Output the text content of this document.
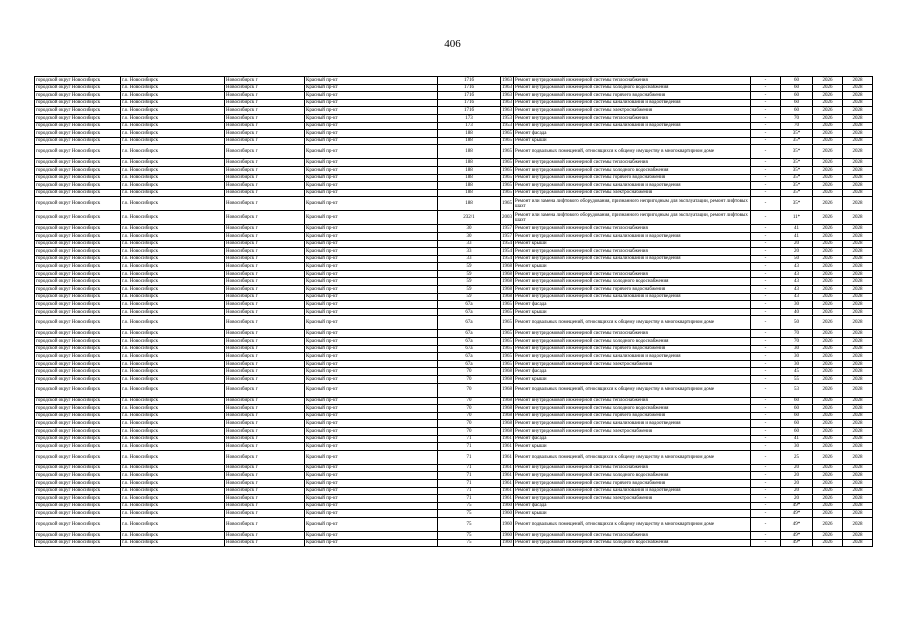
406
городской округ Новосибирск	г.о. Новосибирск	Новосибирск г	Красный пр-кт	171б	1963	Ремонт внутридомовой инженерной системы теплоснабжения	-	60	2026	2028
городской округ Новосибирск	г.о. Новосибирск	Новосибирск г	Красный пр-кт	171б	1963	Ремонт внутридомовой инженерной системы холодного водоснабжения	-	60	2026	2028
городской округ Новосибирск	г.о. Новосибирск	Новосибирск г	Красный пр-кт	171б	1963	Ремонт внутридомовой инженерной системы горячего водоснабжения	-	60	2026	2028
городской округ Новосибирск	г.о. Новосибирск	Новосибирск г	Красный пр-кт	171б	1963	Ремонт внутридомовой инженерной системы канализования и водоотведения	-	60	2026	2028
городской округ Новосибирск	г.о. Новосибирск	Новосибирск г	Красный пр-кт	171б	1963	Ремонт внутридомовой инженерной системы электроснабжения	-	60	2026	2028
городской округ Новосибирск	г.о. Новосибирск	Новосибирск г	Красный пр-кт	173	1953	Ремонт внутридомовой инженерной системы теплоснабжения	-	70	2026	2028
городской округ Новосибирск	г.о. Новосибирск	Новосибирск г	Красный пр-кт	173	1953	Ремонт внутридомовой инженерной системы канализования и водоотведения	-	70	2026	2028
городской округ Новосибирск	г.о. Новосибирск	Новосибирск г	Красный пр-кт	188	1965	Ремонт фасада	-	35*	2026	2028
городской округ Новосибирск	г.о. Новосибирск	Новосибирск г	Красный пр-кт	188	1965	Ремонт крыши	-	35*	2026	2028
городской округ Новосибирск	г.о. Новосибирск	Новосибирск г	Красный пр-кт	188	1965	Ремонт подвальных помещений, относящихся к общему имуществу в многоквартирном доме	-	35*	2026	2028
городской округ Новосибирск	г.о. Новосибирск	Новосибирск г	Красный пр-кт	188	1965	Ремонт внутридомовой инженерной системы теплоснабжения	-	35*	2026	2028
городской округ Новосибирск	г.о. Новосибирск	Новосибирск г	Красный пр-кт	188	1965	Ремонт внутридомовой инженерной системы холодного водоснабжения	-	35*	2026	2028
городской округ Новосибирск	г.о. Новосибирск	Новосибирск г	Красный пр-кт	188	1965	Ремонт внутридомовой инженерной системы горячего водоснабжения	-	35*	2026	2028
городской округ Новосибирск	г.о. Новосибирск	Новосибирск г	Красный пр-кт	188	1965	Ремонт внутридомовой инженерной системы канализования и водоотведения	-	35*	2026	2028
городской округ Новосибирск	г.о. Новосибирск	Новосибирск г	Красный пр-кт	188	1965	Ремонт внутридомовой инженерной системы электроснабжения	-	35*	2026	2028
городской округ Новосибирск	г.о. Новосибирск	Новосибирск г	Красный пр-кт	188	1965	Ремонт или замена лифтового оборудования, признанного непригодным для эксплуатации, ремонт лифтовых шахт	-	35*	2026	2028
городской округ Новосибирск	г.о. Новосибирск	Новосибирск г	Красный пр-кт	232/1	2003	Ремонт или замена лифтового оборудования, признанного непригодным для эксплуатации, ремонт лифтовых шахт	-	11*	2026	2028
городской округ Новосибирск	г.о. Новосибирск	Новосибирск г	Красный пр-кт	30	1957	Ремонт внутридомовой инженерной системы теплоснабжения	-	41	2026	2028
городской округ Новосибирск	г.о. Новосибирск	Новосибирск г	Красный пр-кт	30	1957	Ремонт внутридомовой инженерной системы канализования и водоотведения	-	41	2026	2028
городской округ Новосибирск	г.о. Новосибирск	Новосибирск г	Красный пр-кт	33	1954	Ремонт крыши	-	20	2026	2028
городской округ Новосибирск	г.о. Новосибирск	Новосибирск г	Красный пр-кт	33	1954	Ремонт внутридомовой инженерной системы теплоснабжения	-	20	2026	2028
городской округ Новосибирск	г.о. Новосибирск	Новосибирск г	Красный пр-кт	33	1954	Ремонт внутридомовой инженерной системы канализования и водоотведения	-	50	2026	2028
городской округ Новосибирск	г.о. Новосибирск	Новосибирск г	Красный пр-кт	59	1968	Ремонт крыши	-	43	2026	2028
городской округ Новосибирск	г.о. Новосибирск	Новосибирск г	Красный пр-кт	59	1968	Ремонт внутридомовой инженерной системы теплоснабжения	-	43	2026	2028
городской округ Новосибирск	г.о. Новосибирск	Новосибирск г	Красный пр-кт	59	1968	Ремонт внутридомовой инженерной системы холодного водоснабжения	-	43	2026	2028
городской округ Новосибирск	г.о. Новосибирск	Новосибирск г	Красный пр-кт	59	1968	Ремонт внутридомовой инженерной системы горячего водоснабжения	-	43	2026	2028
городской округ Новосибирск	г.о. Новосибирск	Новосибирск г	Красный пр-кт	59	1968	Ремонт внутридомовой инженерной системы канализования и водоотведения	-	43	2026	2028
городской округ Новосибирск	г.о. Новосибирск	Новосибирск г	Красный пр-кт	67а	1965	Ремонт фасада	-	30	2026	2028
городской округ Новосибирск	г.о. Новосибирск	Новосибирск г	Красный пр-кт	67а	1965	Ремонт крыши	-	40	2026	2028
городской округ Новосибирск	г.о. Новосибирск	Новосибирск г	Красный пр-кт	67а	1965	Ремонт подвальных помещений, относящихся к общему имуществу в многоквартирном доме	-	50	2026	2028
городской округ Новосибирск	г.о. Новосибирск	Новосибирск г	Красный пр-кт	67а	1965	Ремонт внутридомовой инженерной системы теплоснабжения	-	70	2026	2028
городской округ Новосибирск	г.о. Новосибирск	Новосибирск г	Красный пр-кт	67а	1965	Ремонт внутридомовой инженерной системы холодного водоснабжения	-	70	2026	2028
городской округ Новосибирск	г.о. Новосибирск	Новосибирск г	Красный пр-кт	67а	1965	Ремонт внутридомовой инженерной системы горячего водоснабжения	-	30	2026	2028
городской округ Новосибирск	г.о. Новосибирск	Новосибирск г	Красный пр-кт	67а	1965	Ремонт внутридомовой инженерной системы канализования и водоотведения	-	30	2026	2028
городской округ Новосибирск	г.о. Новосибирск	Новосибирск г	Красный пр-кт	67а	1965	Ремонт внутридомовой инженерной системы электроснабжения	-	30	2026	2028
городской округ Новосибирск	г.о. Новосибирск	Новосибирск г	Красный пр-кт	70	1968	Ремонт фасада	-	45	2026	2028
городской округ Новосибирск	г.о. Новосибирск	Новосибирск г	Красный пр-кт	70	1968	Ремонт крыши	-	55	2026	2028
городской округ Новосибирск	г.о. Новосибирск	Новосибирск г	Красный пр-кт	70	1968	Ремонт подвальных помещений, относящихся к общему имуществу в многоквартирном доме	-	53	2026	2028
городской округ Новосибирск	г.о. Новосибирск	Новосибирск г	Красный пр-кт	70	1968	Ремонт внутридомовой инженерной системы теплоснабжения	-	60	2026	2028
городской округ Новосибирск	г.о. Новосибирск	Новосибирск г	Красный пр-кт	70	1968	Ремонт внутридомовой инженерной системы холодного водоснабжения	-	60	2026	2028
городской округ Новосибирск	г.о. Новосибирск	Новосибирск г	Красный пр-кт	70	1968	Ремонт внутридомовой инженерной системы горячего водоснабжения	-	60	2026	2028
городской округ Новосибирск	г.о. Новосибирск	Новосибирск г	Красный пр-кт	70	1968	Ремонт внутридомовой инженерной системы канализования и водоотведения	-	60	2026	2028
городской округ Новосибирск	г.о. Новосибирск	Новосибирск г	Красный пр-кт	70	1968	Ремонт внутридомовой инженерной системы электроснабжения	-	60	2026	2028
городской округ Новосибирск	г.о. Новосибирск	Новосибирск г	Красный пр-кт	71	1961	Ремонт фасада	-	41	2026	2028
городской округ Новосибирск	г.о. Новосибирск	Новосибирск г	Красный пр-кт	71	1961	Ремонт крыши	-	30	2026	2028
городской округ Новосибирск	г.о. Новосибирск	Новосибирск г	Красный пр-кт	71	1961	Ремонт подвальных помещений, относящихся к общему имуществу в многоквартирном доме	-	25	2026	2028
городской округ Новосибирск	г.о. Новосибирск	Новосибирск г	Красный пр-кт	71	1961	Ремонт внутридомовой инженерной системы теплоснабжения	-	20	2026	2028
городской округ Новосибирск	г.о. Новосибирск	Новосибирск г	Красный пр-кт	71	1961	Ремонт внутридомовой инженерной системы холодного водоснабжения	-	20	2026	2028
городской округ Новосибирск	г.о. Новосибирск	Новосибирск г	Красный пр-кт	71	1961	Ремонт внутридомовой инженерной системы горячего водоснабжения	-	20	2026	2028
городской округ Новосибирск	г.о. Новосибирск	Новосибирск г	Красный пр-кт	71	1961	Ремонт внутридомовой инженерной системы канализования и водоотведения	-	20	2026	2028
городской округ Новосибирск	г.о. Новосибирск	Новосибирск г	Красный пр-кт	71	1961	Ремонт внутридомовой инженерной системы электроснабжения	-	20	2026	2028
городской округ Новосибирск	г.о. Новосибирск	Новосибирск г	Красный пр-кт	75	1960	Ремонт фасада	-	49*	2026	2028
городской округ Новосибирск	г.о. Новосибирск	Новосибирск г	Красный пр-кт	75	1960	Ремонт крыши	-	49*	2026	2028
городской округ Новосибирск	г.о. Новосибирск	Новосибирск г	Красный пр-кт	75	1960	Ремонт подвальных помещений, относящихся к общему имуществу в многоквартирном доме	-	49*	2026	2028
городской округ Новосибирск	г.о. Новосибирск	Новосибирск г	Красный пр-кт	75	1960	Ремонт внутридомовой инженерной системы теплоснабжения	-	49*	2026	2028
городской округ Новосибирск	г.о. Новосибирск	Новосибирск г	Красный пр-кт	75	1960	Ремонт внутридомовой инженерной системы холодного водоснабжения	-	49*	2026	2028
